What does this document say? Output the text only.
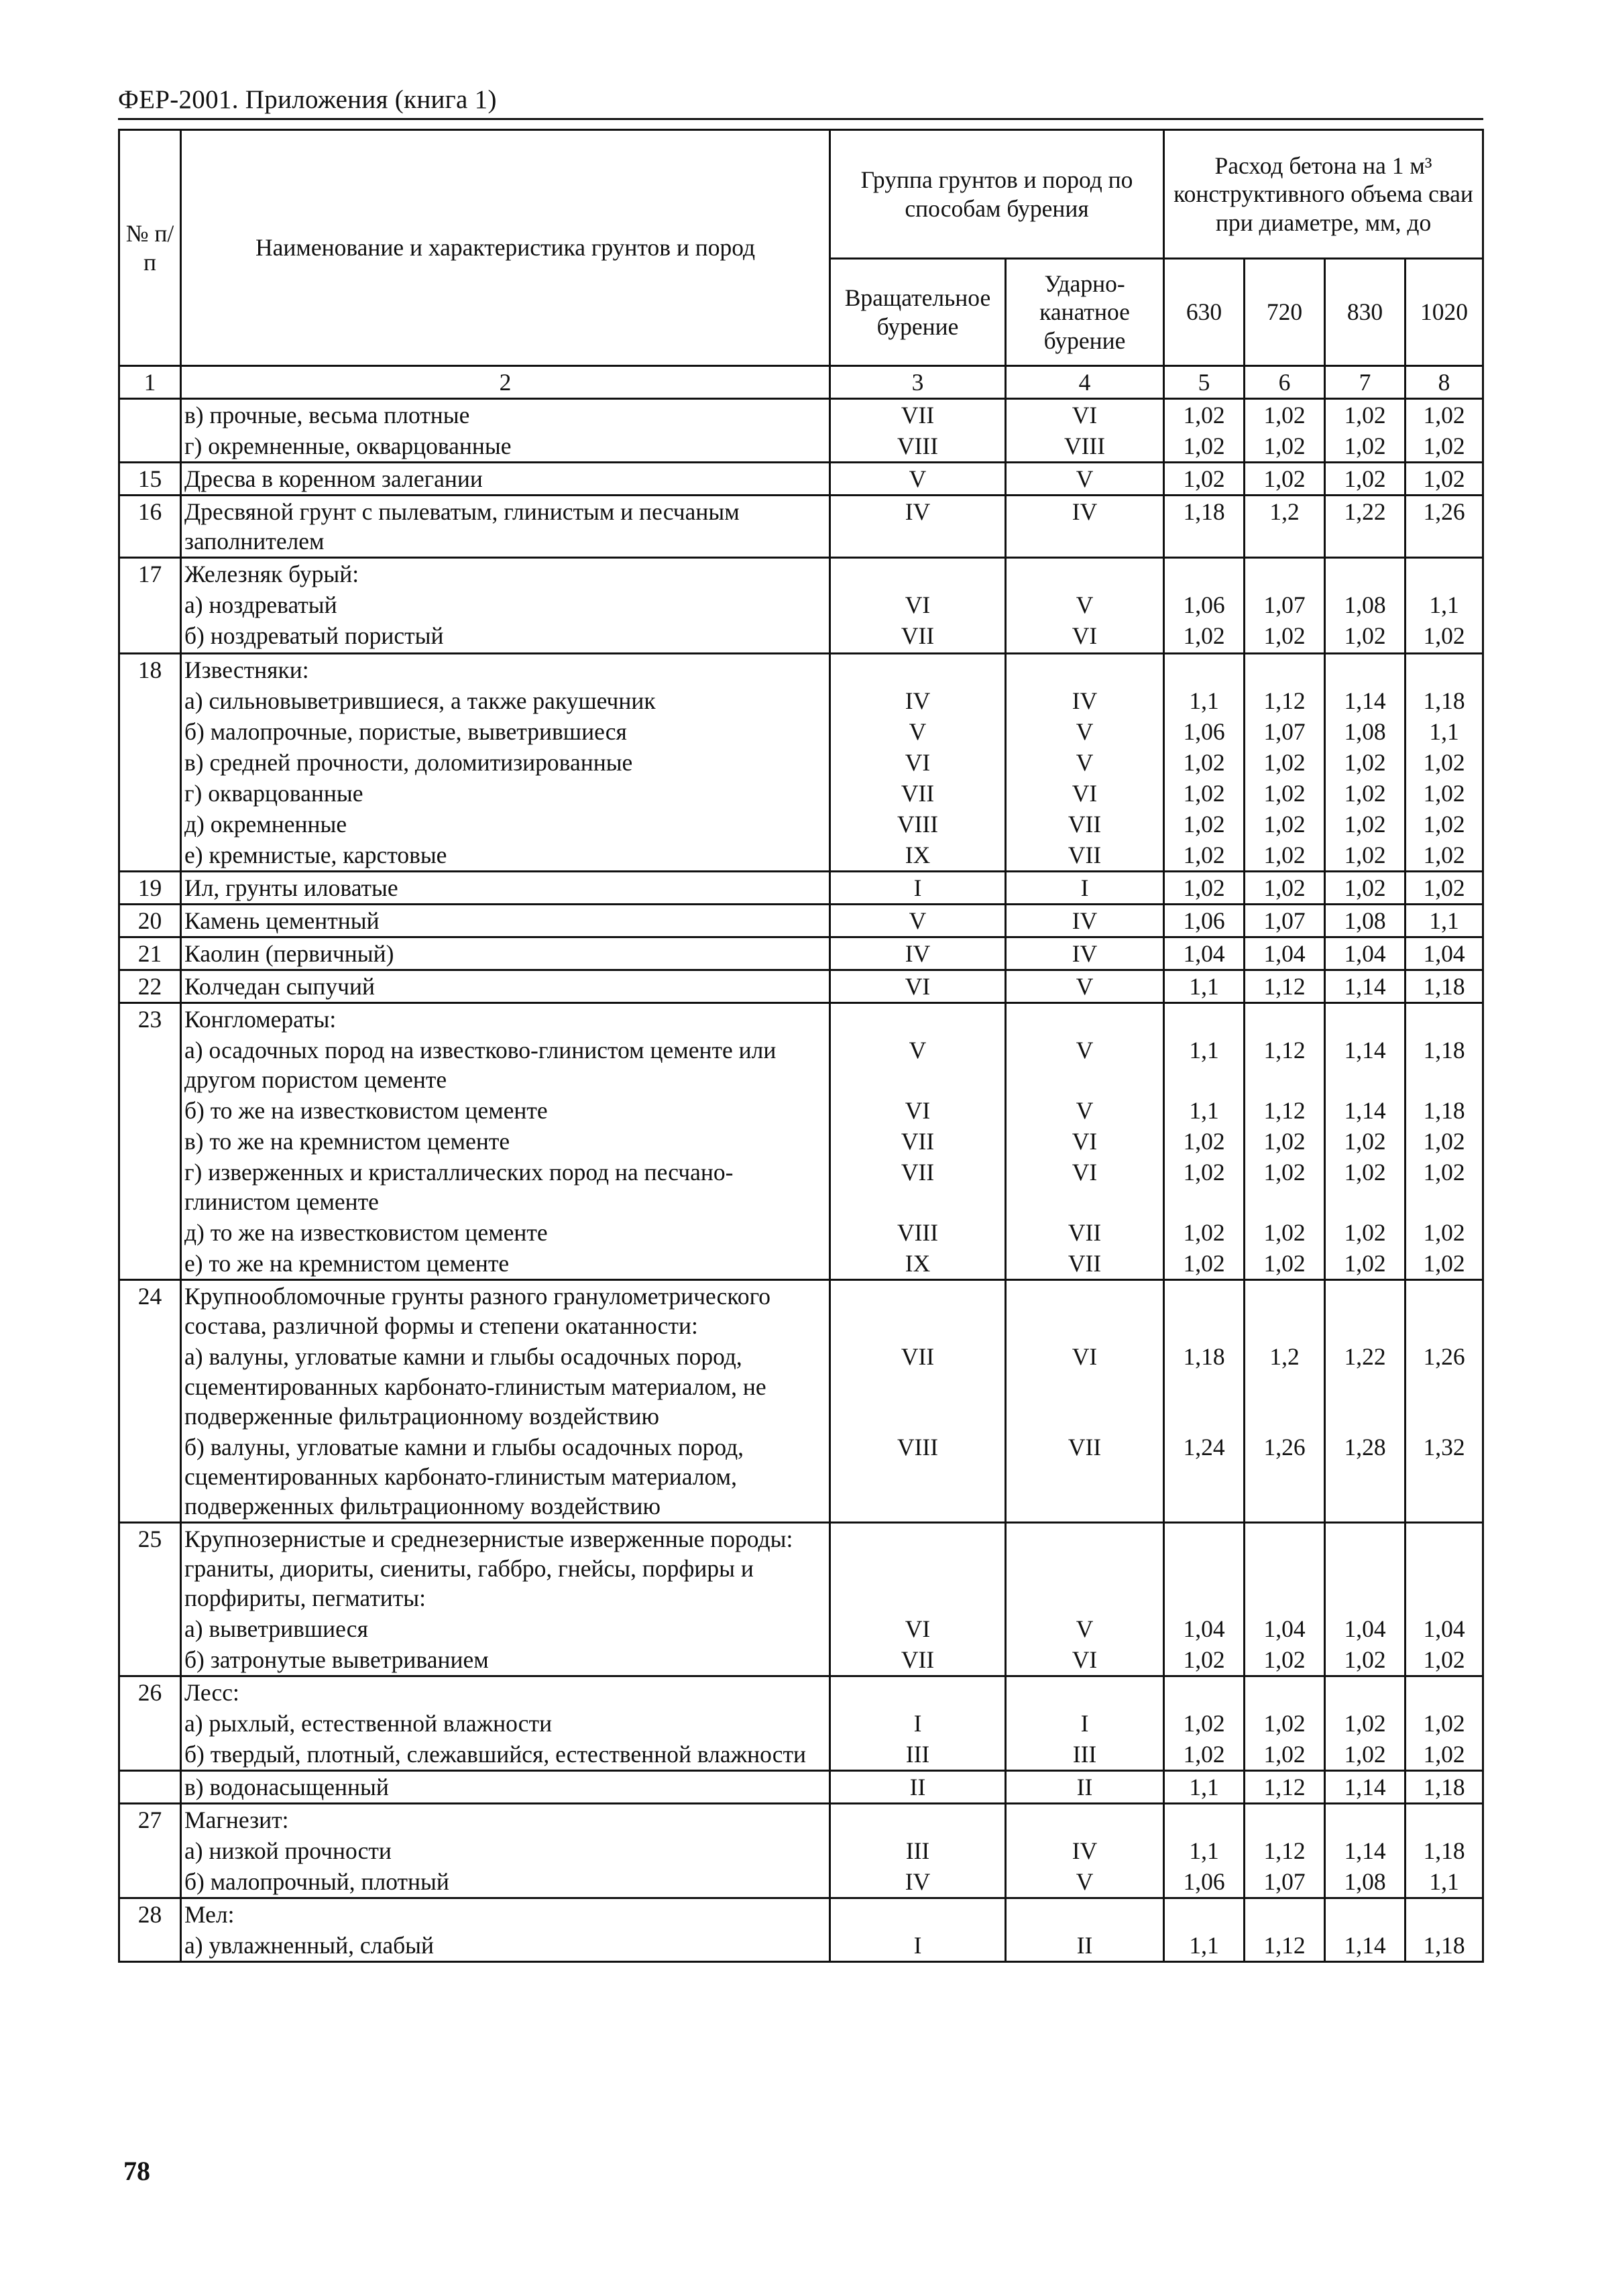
ФЕР-2001. Приложения (книга 1)
№ п/п	Наименование и характеристика грунтов и пород	Группа грунтов и пород по способам бурения		Расход бетона на 1 м³ конструктивного объема сваи при диаметре, мм, до			
		Вращательное бурение	Ударно-канатное бурение	630	720	830	1020
1	2	3	4	5	6	7	8
	в) прочные, весьма плотные	VII	VI	1,02	1,02	1,02	1,02
	г) окремненные, окварцованные	VIII	VIII	1,02	1,02	1,02	1,02
15	Дресва в коренном залегании	V	V	1,02	1,02	1,02	1,02
16	Дресвяной грунт с пылеватым, глинистым и песчаным заполнителем	IV	IV	1,18	1,2	1,22	1,26
17	Железняк бурый:						
	а) ноздреватый	VI	V	1,06	1,07	1,08	1,1
	б) ноздреватый пористый	VII	VI	1,02	1,02	1,02	1,02

18	Известняки:						
	а) сильновыветрившиеся, а также ракушечник	IV	IV	1,1	1,12	1,14	1,18
	б) малопрочные, пористые, выветрившиеся	V	V	1,06	1,07	1,08	1,1
	в) средней прочности, доломитизированные	VI	V	1,02	1,02	1,02	1,02
	г) окварцованные	VII	VI	1,02	1,02	1,02	1,02
	д) окремненные	VIII	VII	1,02	1,02	1,02	1,02
	е) кремнистые, карстовые	IX	VII	1,02	1,02	1,02	1,02
19	Ил, грунты иловатые	I	I	1,02	1,02	1,02	1,02
20	Камень цементный	V	IV	1,06	1,07	1,08	1,1
21	Каолин (первичный)	IV	IV	1,04	1,04	1,04	1,04
22	Колчедан сыпучий	VI	V	1,1	1,12	1,14	1,18
23	Конгломераты:						
	а) осадочных пород на известково-глинистом цементе или другом пористом цементе	V	V	1,1	1,12	1,14	1,18
	б) то же на известковистом цементе	VI	V	1,1	1,12	1,14	1,18
	в) то же на кремнистом цементе	VII	VI	1,02	1,02	1,02	1,02
	г) изверженных и кристаллических пород на песчано-глинистом цементе	VII	VI	1,02	1,02	1,02	1,02
	д) то же на известковистом цементе	VIII	VII	1,02	1,02	1,02	1,02
	е) то же на кремнистом цементе	IX	VII	1,02	1,02	1,02	1,02
24	Крупнообломочные грунты разного гранулометрического состава, различной формы и степени окатанности:						
	а) валуны, угловатые камни и глыбы осадочных пород, сцементированных карбонато-глинистым материалом, не подверженные фильтрационному воздействию	VII	VI	1,18	1,2	1,22	1,26
	б) валуны, угловатые камни и глыбы осадочных пород, сцементированных карбонато-глинистым материалом, подверженных фильтрационному воздействию	VIII	VII	1,24	1,26	1,28	1,32
25	Крупнозернистые и среднезернистые изверженные породы: граниты, диориты, сиениты, габбро, гнейсы, порфиры и порфириты, пегматиты:						
	а) выветрившиеся	VI	V	1,04	1,04	1,04	1,04
	б) затронутые выветриванием	VII	VI	1,02	1,02	1,02	1,02
26	Лесс:						
	а) рыхлый, естественной влажности	I	I	1,02	1,02	1,02	1,02
	б) твердый, плотный, слежавшийся, естественной влажности	III	III	1,02	1,02	1,02	1,02
	в) водонасыщенный	II	II	1,1	1,12	1,14	1,18
27	Магнезит:						
	а) низкой прочности	III	IV	1,1	1,12	1,14	1,18
	б) малопрочный, плотный	IV	V	1,06	1,07	1,08	1,1
28	Мел:						
	а) увлажненный, слабый	I	II	1,1	1,12	1,14	1,18
78
